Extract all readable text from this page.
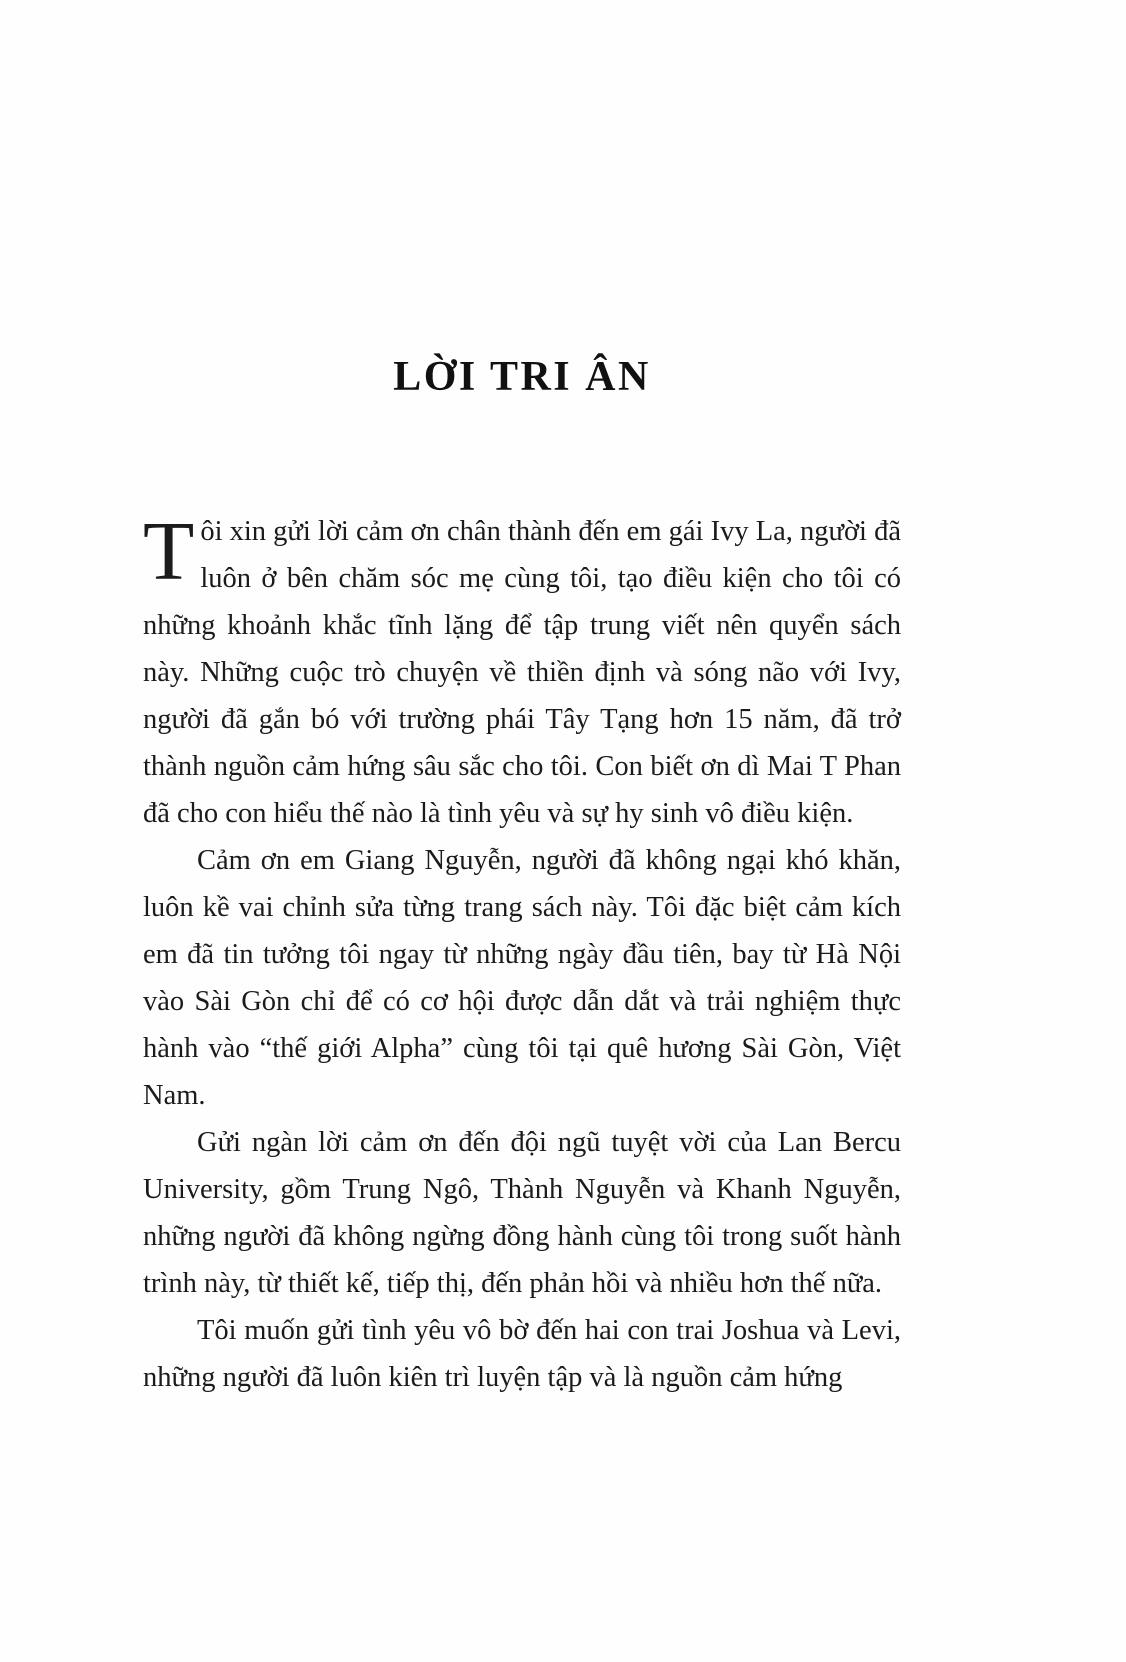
LỜI TRI ÂN

Tôi xin gửi lời cảm ơn chân thành đến em gái Ivy La, người đã luôn ở bên chăm sóc mẹ cùng tôi, tạo điều kiện cho tôi có những khoảnh khắc tĩnh lặng để tập trung viết nên quyển sách này. Những cuộc trò chuyện về thiền định và sóng não với Ivy, người đã gắn bó với trường phái Tây Tạng hơn 15 năm, đã trở thành nguồn cảm hứng sâu sắc cho tôi. Con biết ơn dì Mai T Phan đã cho con hiểu thế nào là tình yêu và sự hy sinh vô điều kiện.

Cảm ơn em Giang Nguyễn, người đã không ngại khó khăn, luôn kề vai chỉnh sửa từng trang sách này. Tôi đặc biệt cảm kích em đã tin tưởng tôi ngay từ những ngày đầu tiên, bay từ Hà Nội vào Sài Gòn chỉ để có cơ hội được dẫn dắt và trải nghiệm thực hành vào “thế giới Alpha” cùng tôi tại quê hương Sài Gòn, Việt Nam.

Gửi ngàn lời cảm ơn đến đội ngũ tuyệt vời của Lan Bercu University, gồm Trung Ngô, Thành Nguyễn và Khanh Nguyễn, những người đã không ngừng đồng hành cùng tôi trong suốt hành trình này, từ thiết kế, tiếp thị, đến phản hồi và nhiều hơn thế nữa.

Tôi muốn gửi tình yêu vô bờ đến hai con trai Joshua và Levi, những người đã luôn kiên trì luyện tập và là nguồn cảm hứng
